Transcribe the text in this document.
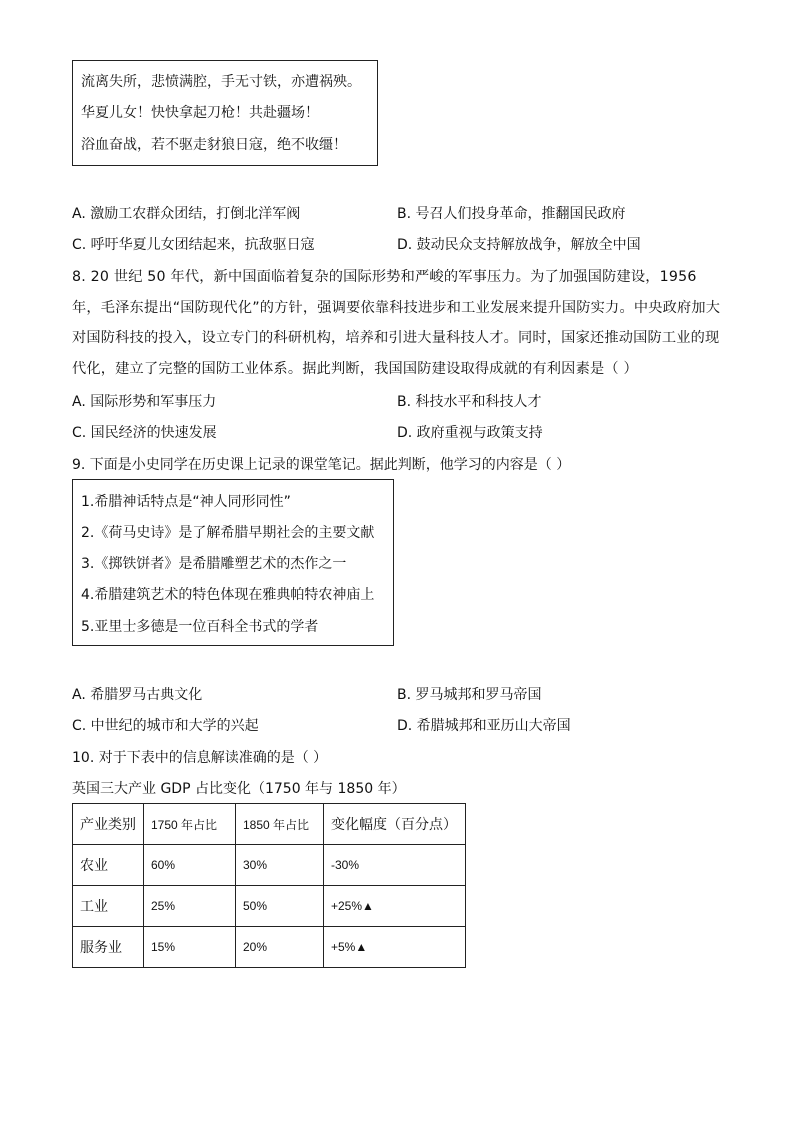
流离失所，悲愤满腔，手无寸铁，亦遭祸殃。
华夏儿女！快快拿起刀枪！共赴疆场！
浴血奋战，若不驱走豺狼日寇，绝不收缰！
A. 激励工农群众团结，打倒北洋军阀	B. 号召人们投身革命，推翻国民政府
C. 呼吁华夏儿女团结起来，抗敌驱日寇	D. 鼓动民众支持解放战争，解放全中国
8. 20 世纪 50 年代，新中国面临着复杂的国际形势和严峻的军事压力。为了加强国防建设，1956 年，毛泽东提出“国防现代化”的方针，强调要依靠科技进步和工业发展来提升国防实力。中央政府加大对国防科技的投入，设立专门的科研机构，培养和引进大量科技人才。同时，国家还推动国防工业的现代化，建立了完整的国防工业体系。据此判断，我国国防建设取得成就的有利因素是（ ）
A. 国际形势和军事压力	B. 科技水平和科技人才
C. 国民经济的快速发展	D. 政府重视与政策支持
9. 下面是小史同学在历史课上记录的课堂笔记。据此判断，他学习的内容是（ ）
1.希腊神话特点是“神人同形同性”
2.《荷马史诗》是了解希腊早期社会的主要文献
3.《掷铁饼者》是希腊雕塑艺术的杰作之一
4.希腊建筑艺术的特色体现在雅典帕特农神庙上
5.亚里士多德是一位百科全书式的学者
A. 希腊罗马古典文化	B. 罗马城邦和罗马帝国
C. 中世纪的城市和大学的兴起	D. 希腊城邦和亚历山大帝国
10. 对于下表中的信息解读准确的是（ ）
英国三大产业 GDP 占比变化（1750 年与 1850 年）
产业类别	1750 年占比	1850 年占比	变化幅度（百分点）
农业	60%	30%	-30%
工业	25%	50%	+25%▲
服务业	15%	20%	+5%▲
